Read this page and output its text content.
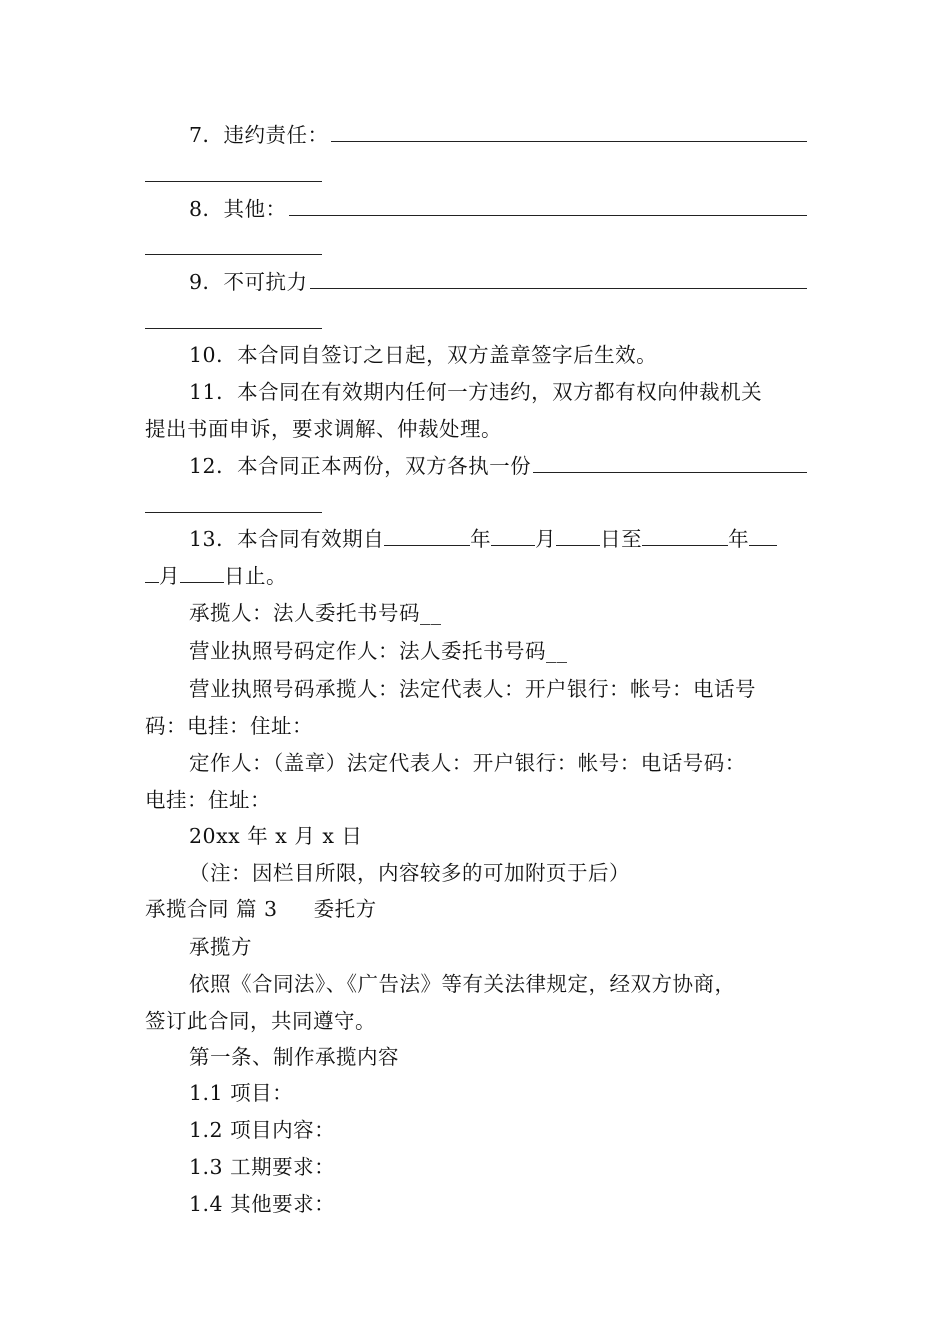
7．违约责任：
8．其他：
9．不可抗力
10．本合同自签订之日起，双方盖章签字后生效。
11．本合同在有效期内任何一方违约，双方都有权向仲裁机关
提出书面申诉，要求调解、仲裁处理。
12．本合同正本两份，双方各执一份
13．本合同有效期自	年 月 日至	年
月 日止。
承揽人：法人委托书号码__
营业执照号码定作人：法人委托书号码__
营业执照号码承揽人：法定代表人：开户银行：帐号：电话号
码：电挂：住址：
定作人：（盖章）法定代表人：开户银行：帐号：电话号码：
电挂：住址：
20xx 年 x 月 x 日
（注：因栏目所限，内容较多的可加附页于后）
承揽合同 篇 3 委托方
承揽方
依照《合同法》、《广告法》等有关法律规定，经双方协商，
签订此合同，共同遵守。
第一条、制作承揽内容
1.1 项目：
1.2 项目内容：
1.3 工期要求：
1.4 其他要求：
